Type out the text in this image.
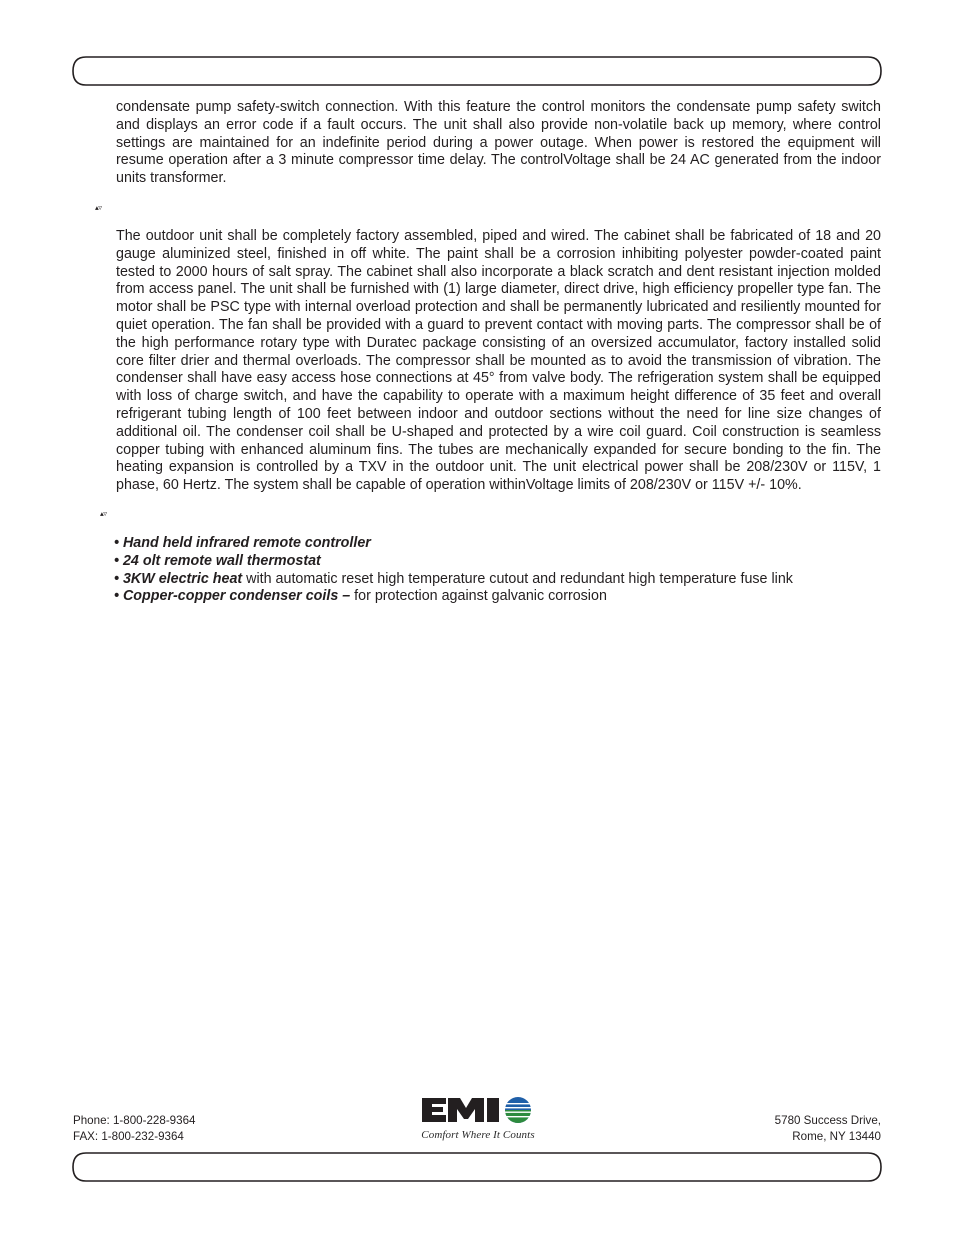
condensate pump safety-switch connection. With this feature the control monitors the condensate pump safety switch and displays an error code if a fault occurs. The unit shall also provide non-volatile back up memory, where control settings are maintained for an indefinite period during a power outage. When power is restored the equipment will resume operation after a 3 minute compressor time delay. The controlVoltage shall be 24 AC generated from the indoor units transformer.
▴▿
The outdoor unit shall be completely factory assembled, piped and wired. The cabinet shall be fabricated of 18 and 20 gauge aluminized steel, finished in off white. The paint shall be a corrosion inhibiting polyester powder-coated paint tested to 2000 hours of salt spray. The cabinet shall also incorporate a black scratch and dent resistant injection molded from access panel. The unit shall be furnished with (1) large diameter, direct drive, high efficiency propeller type fan. The motor shall be PSC type with internal overload protection and shall be permanently lubricated and resiliently mounted for quiet operation. The fan shall be provided with a guard to prevent contact with moving parts. The compressor shall be of the high performance rotary type with Duratec package consisting of an oversized accumulator, factory installed solid core filter drier and thermal overloads. The compressor shall be mounted as to avoid the transmission of vibration. The condenser shall have easy access hose connections at 45° from valve body. The refrigeration system shall be equipped with loss of charge switch, and have the capability to operate with a maximum height difference of 35 feet and overall refrigerant tubing length of 100 feet between indoor and outdoor sections without the need for line size changes of additional oil. The condenser coil shall be U-shaped and protected by a wire coil guard. Coil construction is seamless copper tubing with enhanced aluminum fins. The tubes are mechanically expanded for secure bonding to the fin. The heating expansion is controlled by a TXV in the outdoor unit. The unit electrical power shall be 208/230V or 115V, 1 phase, 60 Hertz. The system shall be capable of operation withinVoltage limits of 208/230V or 115V +/- 10%.
▴▿
• Hand held infrared remote controller
• 24 olt remote wall thermostat
• 3KW electric heat with automatic reset high temperature cutout and redundant high temperature fuse link
• Copper-copper condenser coils – for protection against galvanic corrosion
Phone: 1-800-228-9364
FAX: 1-800-232-9364	Comfort Where It Counts
5780 Success Drive,
Rome, NY 13440
